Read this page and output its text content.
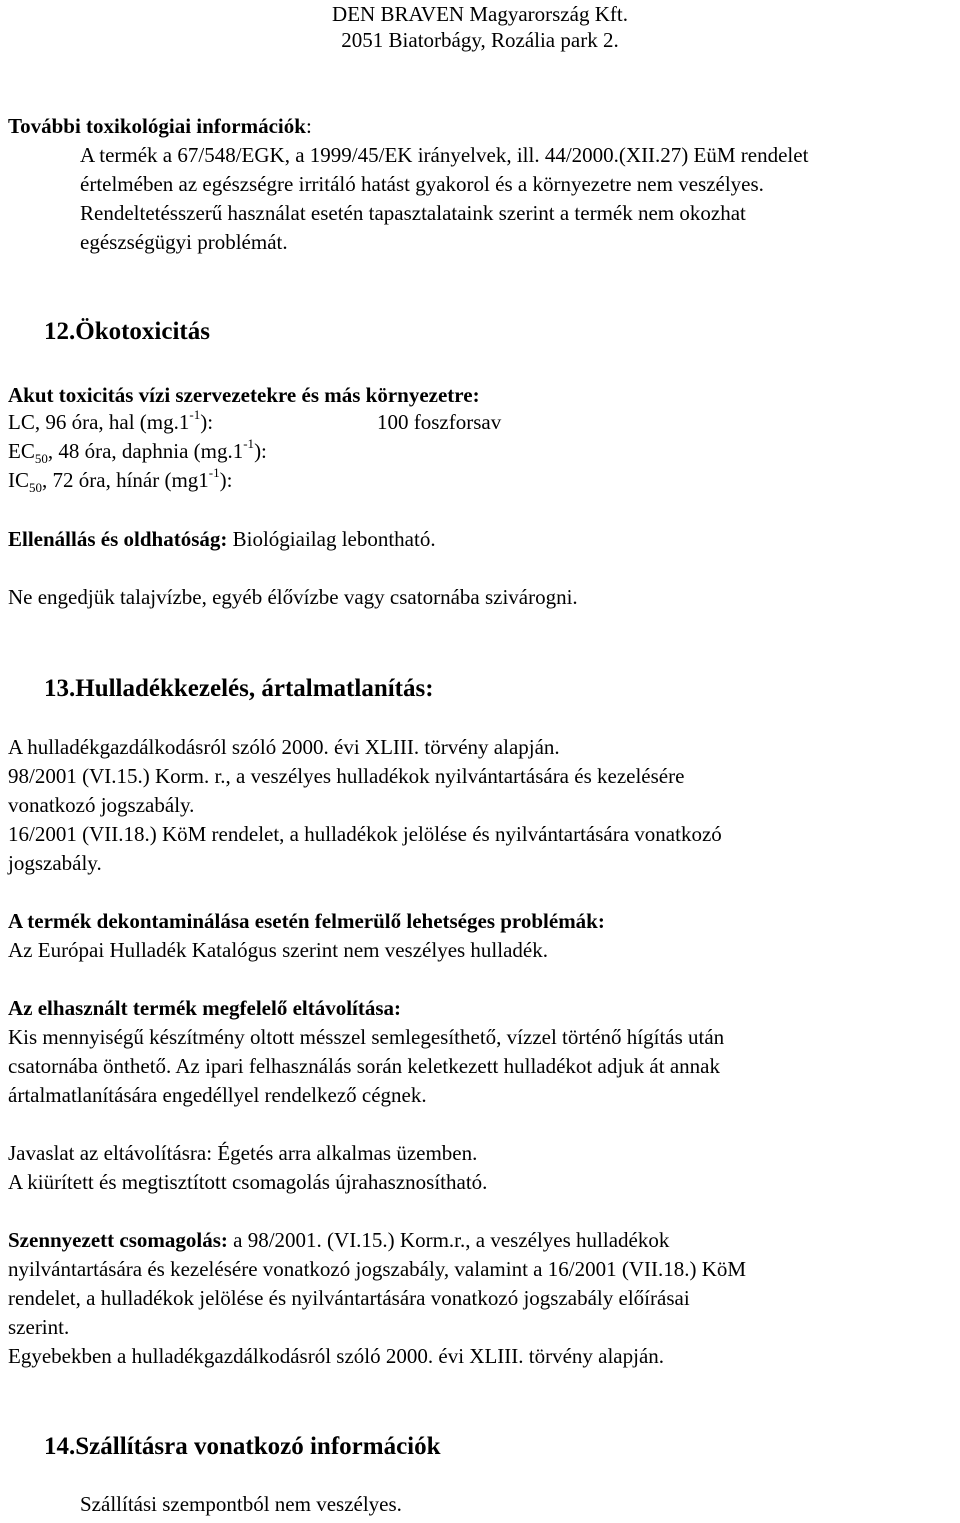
DEN BRAVEN Magyarország Kft.
2051 Biatorbágy, Rozália park 2.
További toxikológiai információk:
A termék a 67/548/EGK, a 1999/45/EK irányelvek, ill. 44/2000.(XII.27) EüM rendelet
értelmében az egészségre irritáló hatást gyakorol és a környezetre nem veszélyes.
Rendeltetésszerű használat esetén tapasztalataink szerint a termék nem okozhat
egészségügyi problémát.
12.Ökotoxicitás
Akut toxicitás vízi szervezetekre és más környezetre:
LC, 96 óra, hal $(mg.1^{-1})$:	100 foszforsav
$EC_{50}$, 48 óra, daphnia $(mg.1^{-1})$:
$IC_{50}$, 72 óra, hínár $(mg1^{-1})$:
Ellenállás és oldhatóság: Biológiailag lebontható.
Ne engedjük talajvízbe, egyéb élővízbe vagy csatornába szivárogni.
13.Hulladékkezelés, ártalmatlanítás:
A hulladékgazdálkodásról szóló 2000. évi XLIII. törvény alapján.
98/2001 (VI.15.) Korm. r., a veszélyes hulladékok nyilvántartására és kezelésére
vonatkozó jogszabály.
16/2001 (VII.18.) KöM rendelet, a hulladékok jelölése és nyilvántartására vonatkozó
jogszabály.
A termék dekontaminálása esetén felmerülő lehetséges problémák:
Az Európai Hulladék Katalógus szerint nem veszélyes hulladék.
Az elhasznált termék megfelelő eltávolítása:
Kis mennyiségű készítmény oltott mésszel semlegesíthető, vízzel történő hígítás után
csatornába önthető. Az ipari felhasználás során keletkezett hulladékot adjuk át annak
ártalmatlanítására engedéllyel rendelkező cégnek.
Javaslat az eltávolításra: Égetés arra alkalmas üzemben.
A kiürített és megtisztított csomagolás újrahasznosítható.
Szennyezett csomagolás: a 98/2001. (VI.15.) Korm.r., a veszélyes hulladékok
nyilvántartására és kezelésére vonatkozó jogszabály, valamint a 16/2001 (VII.18.) KöM
rendelet, a hulladékok jelölése és nyilvántartására vonatkozó jogszabály előírásai
szerint.
Egyebekben a hulladékgazdálkodásról szóló 2000. évi XLIII. törvény alapján.
14.Szállításra vonatkozó információk
Szállítási szempontból nem veszélyes.
